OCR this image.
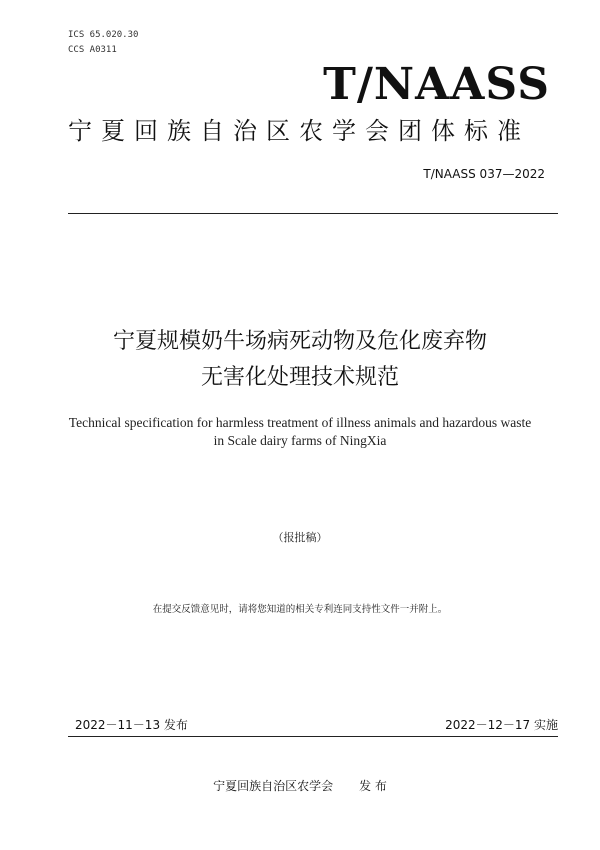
ICS 65.020.30
CCS A0311
T/NAASS
宁夏回族自治区农学会团体标准
T/NAASS 037—2022
宁夏规模奶牛场病死动物及危化废弃物
无害化处理技术规范
Technical specification for harmless treatment of illness animals and hazardous waste
in Scale dairy farms of NingXia
（报批稿）
在提交反馈意见时，请将您知道的相关专利连同支持性文件一并附上。
2022－11－13 发布	2022－12－17 实施
宁夏回族自治区农学会 发 布
